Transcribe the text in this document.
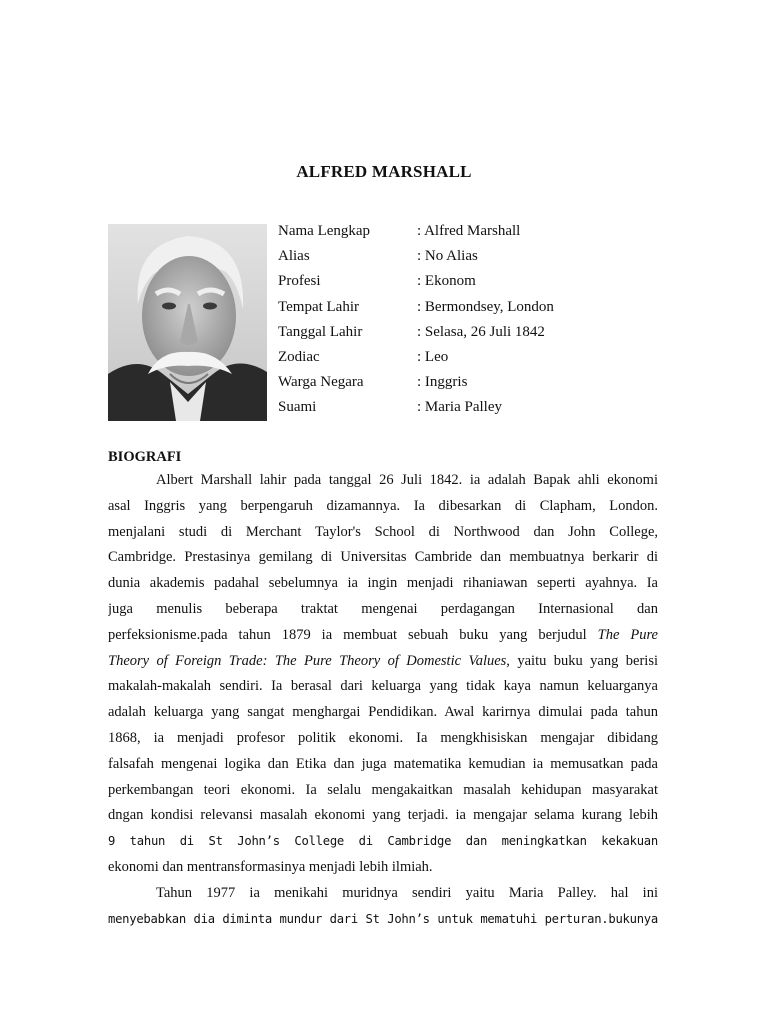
ALFRED MARSHALL
Nama Lengkap	: Alfred Marshall
Alias	: No Alias
Profesi	: Ekonom
Tempat Lahir	: Bermondsey, London
Tanggal Lahir	: Selasa, 26 Juli 1842
Zodiac	: Leo
Warga Negara	: Inggris
Suami	: Maria Palley
BIOGRAFI
Albert Marshall lahir pada tanggal 26 Juli 1842. ia adalah Bapak ahli ekonomi
asal Inggris yang berpengaruh dizamannya. Ia dibesarkan di Clapham, London.
menjalani studi di Merchant Taylor's School di Northwood dan John College,
Cambridge. Prestasinya gemilang di Universitas Cambride dan membuatnya berkarir di
dunia akademis padahal sebelumnya ia ingin menjadi rihaniawan seperti ayahnya. Ia
juga menulis beberapa traktat mengenai perdagangan Internasional dan
perfeksionisme.pada tahun 1879 ia membuat sebuah buku yang berjudul The Pure
Theory of Foreign Trade: The Pure Theory of Domestic Values, yaitu buku yang berisi
makalah-makalah sendiri. Ia berasal dari keluarga yang tidak kaya namun keluarganya
adalah keluarga yang sangat menghargai Pendidikan. Awal karirnya dimulai pada tahun
1868, ia menjadi profesor politik ekonomi. Ia mengkhisiskan mengajar dibidang
falsafah mengenai logika dan Etika dan juga matematika kemudian ia memusatkan pada
perkembangan teori ekonomi. Ia selalu mengakaitkan masalah kehidupan masyarakat
dngan kondisi relevansi masalah ekonomi yang terjadi. ia mengajar selama kurang lebih
9 tahun di St John’s College di Cambridge dan meningkatkan kekakuan
ekonomi dan mentransformasinya menjadi lebih ilmiah.
Tahun 1977 ia menikahi muridnya sendiri yaitu Maria Palley. hal ini
menyebabkan dia diminta mundur dari St John’s untuk mematuhi perturan.bukunya
